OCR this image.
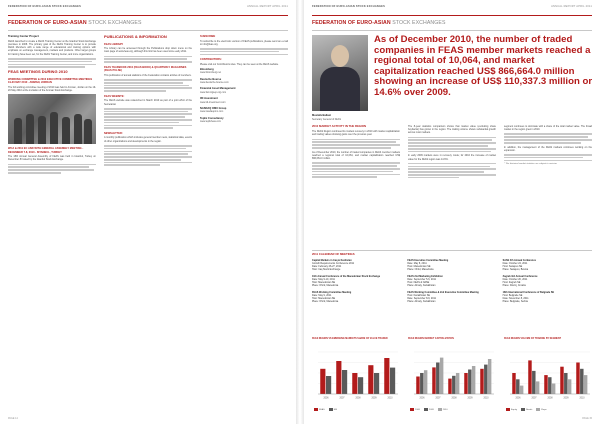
FEDERATION OF EURO-ASIAN STOCK EXCHANGES	ANNUAL REPORT APRIL 2011
FEDERATION OF EURO-ASIAN STOCK EXCHANGES
Training Center Project
FEAS launched to create a FEAS Training Center at the Istanbul Stock Exchange premises in 2008. The primary goal of the FEAS Training Center is to provide FEAS Members with a wide range of educational and training options with emphasis on exchange management, markets and products. Other target groups for training have been set, for the FEAS Training Center, and more organizations.
FEAS MEETINGS DURING 2010
WORKING COMMITTEE & 2010 EXECUTIVE COMMITTEE MEETINGS 19-20 MAY 2010 - AMMAN, JORDAN
The full working committee meeting of 2010 was held in Amman, Jordan on the 19-20 May 2010 at the invitation of the Amman Stock Exchange.
WCA & 2011 EC AND WITH GENERAL ASSEMBLY MEETING - DECEMBER 7-8, 2010 - ISTANBUL, TURKEY
The 18th Annual General Assembly of FEAS was held in Istanbul, Turkey on December 8 hosted by the Istanbul Stock Exchange.
PUBLICATIONS & INFORMATION
FEAS LIBRARY
The Library can be accessed through the Publications drop down menu on the main page of www.feas.org, although this link has been used since early 2011.
FEAS YEARBOOK 2010 (FEAS BOOK) & QUARTERLY MAGAZINES (FEAS PULSE)
This publication of annual statistics of the Federation contains articles of members.
FEAS WEBSITE:
The FEAS website was relaunched in March 2010 as part of a joint effort of the Secretariat.
NEWSLETTER:
A monthly publication which includes general member news, statistical data, events of other organizations and developments in the region.
SUBSCRIBE
To subscribe to the electronic version of FEAS publications, please send an e-mail to info@feas.org.
CONTRIBUTORS:
Please visit our Contributors sites. They can be seen at the FEAS website.
Bloomberg
www.bloomberg.net
Deutsche Boerse
www.deutsche-boerse.com
Financial Asset Management
www.fam-ltgsep.org.com
IDI investment
www.idi-investment.com
NASDAQ OMX Group
www.nasdaqomx.com
Teplix Consultancy
www.teplixfeas.com
PAGE 14
FEDERATION OF EURO-ASIAN STOCK EXCHANGES	ANNUAL REPORT APRIL 2011
FEDERATION OF EURO-ASIAN STOCK EXCHANGES
Mustafa Baltaci
Secretary General of FEAS
As of December 2010, the number of traded companies in FEAS member markets reached a regional total of 10,064, and market capitalization reached US$ 866,664.0 million showing an increase of US$ 110,337.3 million or 14.6% over 2009.
2010 MARKET ACTIVITY IN THE REGION
The FEAS Region continued its modest recovery in 2010 with market capitalization and trading values showing gains over the previous year.
As of December 2010, the number of traded companies in FEAS member markets reached a regional total of 10,064, and market capitalization reached US$ 866,664.0 million.
The 8-year statistics comparison shows that market value (excluding share buybacks) has grown in the region. The trading volume shows substantial growth across most markets.
In early 2009 markets were in recovery mode; for 2010 the increase of market value for the FEAS region was 14.6%.
segment continues to dominate with a share of the total market value. The broad market in the region grew in 2010.
In addition, the management of the FEAS markets continues working on the expansion.
* The historical market statistics are subject to revision.
2011 CALENDAR OF MEETINGS
Capital Markets in Iraq & Kurdistan
Growth Requirements Conference 2011
Date: February 26-27, 2011
Host: Iraq Stock Exchange
FEAS Executive Committee Meeting
Date: May 8, 2011
Host: Macedonian SE
Place: Ohrid, Macedonia
SASE 4th Annual Conference
Date: October 24, 2011
Host: Sarajevo SE
Place: Sarajevo, Bosnia
11th Annual Conference of the Macedonian Stock Exchange
Date: May 9-10, 2011
Host: Macedonian SE
Place: Ohrid, Macedonia
FEAS 2nd Marketing Exhibition
Date: September 5-6, 2011
Host: FEAS & NASE
Place: Almaty, Kazakhstan
Zagreb 3rd Annual Conference
Date: October 20, 2011
Host: Zagreb SE
Place: Rovinj, Croatia
FEAS Working Committee Meeting
Date: May 9, 2011
Host: Macedonian SE
Place: Ohrid, Macedonia
FEAS Working Committee & 2nd Executive Committee Meeting
Host: Kazakhstan SE
Date: September 8-9, 2011
Place: Almaty, Kazakhstan
18th International Conference of Belgrade SE
Host: Belgrade SE
Date: November 8, 2011
Place: Belgrade, Serbia
FEAS REGION VS EMERGING MARKETS SHARE OF VALUE TRADED
2006	2007	2008	2009	2010
FEAS	EM
FEAS REGION MARKET CAPITALIZATION
2006	2007	2008	2009	2010
2008	2009	2010
FEAS REGION VOLUME OF TRADING BY SEGMENT
2006	2007	2008	2009	2010
Equity	Bonds	Repo
PAGE 15
